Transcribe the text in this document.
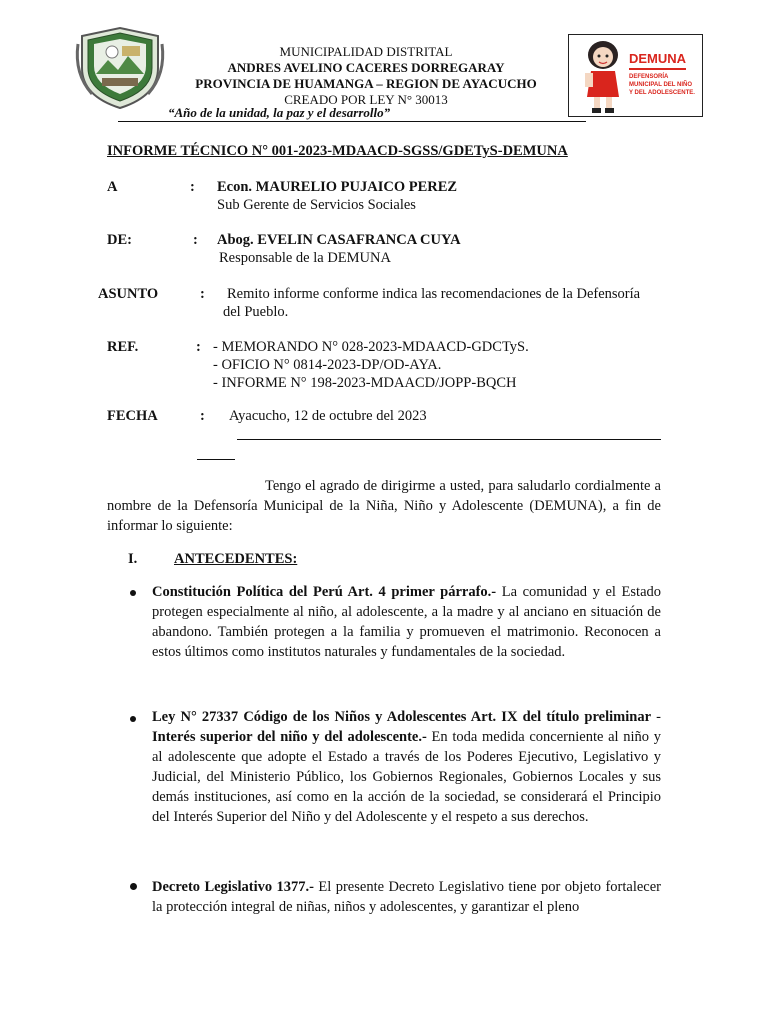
MUNICIPALIDAD DISTRITAL
ANDRES AVELINO CACERES DORREGARAY
PROVINCIA DE HUAMANGA – REGION DE AYACUCHO
CREADO POR LEY N° 30013
“Año de la unidad, la paz y el desarrollo”
DEMUNA
DEFENSORÍA MUNICIPAL DEL NIÑO Y DEL ADOLESCENTE.
INFORME TÉCNICO N° 001-2023-MDAACD-SGSS/GDETyS-DEMUNA
A	: Econ. MAURELIO PUJAICO PEREZ
Sub Gerente de Servicios Sociales
DE:	: Abog. EVELIN CASAFRANCA CUYA
Responsable de la DEMUNA
ASUNTO	: Remito informe conforme indica las recomendaciones de la Defensoría
del Pueblo.
REF.	: - MEMORANDO N° 028-2023-MDAACD-GDCTyS.
- OFICIO N° 0814-2023-DP/OD-AYA.
- INFORME N° 198-2023-MDAACD/JOPP-BQCH
FECHA	: Ayacucho, 12 de octubre del 2023
Tengo el agrado de dirigirme a usted, para saludarlo cordialmente a nombre de la Defensoría Municipal de la Niña, Niño y Adolescente (DEMUNA), a fin de informar lo siguiente:
I.	ANTECEDENTES:
Constitución Política del Perú Art. 4 primer párrafo.- La comunidad y el Estado protegen especialmente al niño, al adolescente, a la madre y al anciano en situación de abandono. También protegen a la familia y promueven el matrimonio. Reconocen a estos últimos como institutos naturales y fundamentales de la sociedad.
Ley N° 27337 Código de los Niños y Adolescentes Art. IX del título preliminar - Interés superior del niño y del adolescente.- En toda medida concerniente al niño y al adolescente que adopte el Estado a través de los Poderes Ejecutivo, Legislativo y Judicial, del Ministerio Público, los Gobiernos Regionales, Gobiernos Locales y sus demás instituciones, así como en la acción de la sociedad, se considerará el Principio del Interés Superior del Niño y del Adolescente y el respeto a sus derechos.
Decreto Legislativo 1377.- El presente Decreto Legislativo tiene por objeto fortalecer la protección integral de niñas, niños y adolescentes, y garantizar el pleno
